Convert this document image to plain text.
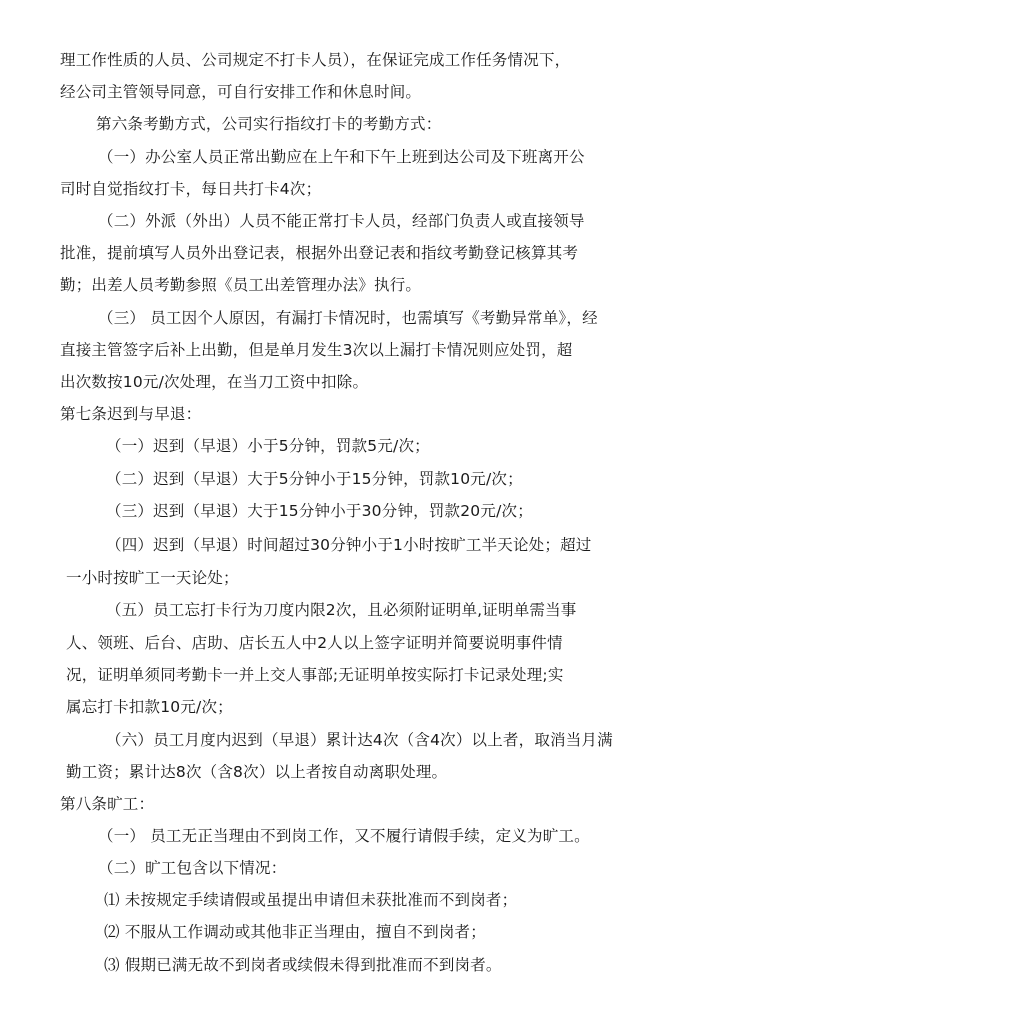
理工作性质的人员、公司规定不打卡人员），在保证完成工作任务情况下，
经公司主管领导同意，可自行安排工作和休息时间。
第六条考勤方式，公司实行指纹打卡的考勤方式：
（一）办公室人员正常出勤应在上午和下午上班到达公司及下班离开公
司时自觉指纹打卡，每日共打卡4次；
（二）外派（外出）人员不能正常打卡人员，经部门负责人或直接领导
批准，提前填写人员外出登记表，根据外出登记表和指纹考勤登记核算其考
勤；出差人员考勤参照《员工出差管理办法》执行。
（三） 员工因个人原因，有漏打卡情况时，也需填写《考勤异常单》，经
直接主管签字后补上出勤，但是单月发生3次以上漏打卡情况则应处罚，超
出次数按10元/次处理，在当刀工资中扣除。
第七条迟到与早退：
（一）迟到（早退）小于5分钟，罚款5元/次；
（二）迟到（早退）大于5分钟小于15分钟，罚款10元/次；
（三）迟到（早退）大于15分钟小于30分钟，罚款20元/次；
（四）迟到（早退）时间超过30分钟小于1小时按旷工半天论处；超过
一小时按旷工一天论处；
（五）员工忘打卡行为刀度内限2次，且必须附证明单,证明单需当事
人、领班、后台、店助、店长五人中2人以上签字证明并简要说明事件情
况，证明单须同考勤卡一并上交人事部;无证明单按实际打卡记录处理;实
属忘打卡扣款10元/次；
（六）员工月度内迟到（早退）累计达4次（含4次）以上者，取消当月满
勤工资；累计达8次（含8次）以上者按自动离职处理。
第八条旷工：
（一） 员工无正当理由不到岗工作，又不履行请假手续，定义为旷工。
（二）旷工包含以下情况：
⑴ 未按规定手续请假或虽提出申请但未获批准而不到岗者；
⑵ 不服从工作调动或其他非正当理由，擅自不到岗者；
⑶ 假期已满无故不到岗者或续假未得到批准而不到岗者。
